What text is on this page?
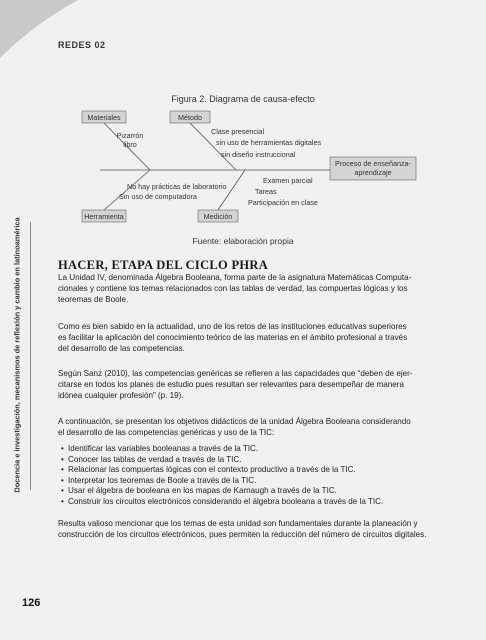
REDES 02
Figura 2. Diagrama de causa-efecto
Materiales	Método
Herramienta	Medición
Proceso de enseñanza-
aprendizaje
Pizarrón
libro
Clase presencial
sin uso de herramientas digitales
sin diseño instruccional
No hay prácticas de laboratorio
Sin uso de computadora
Examen parcial
Tareas
Participación en clase
Fuente: elaboración propia
Docencia e investigación, mecanismos de reflexión y cambio en latinoamérica	HACER, ETAPA DEL CICLO PHRA
La Unidad IV, denominada Álgebra Booleana, forma parte de la asignatura Matemáticas Computa-
cionales y contiene los temas relacionados con las tablas de verdad, las compuertas lógicas y los
teoremas de Boole.
Como es bien sabido en la actualidad, uno de los retos de las instituciones educativas superiores
es facilitar la aplicación del conocimiento teórico de las materias en el ámbito profesional a través
del desarrollo de las competencias.
Según Sanz (2010), las competencias genéricas se refieren a las capacidades que “deben de ejer-
citarse en todos los planes de estudio pues resultan ser relevantes para desempeñar de manera
idónea cualquier profesión” (p. 19).
A continuación, se presentan los objetivos didácticos de la unidad Álgebra Booleana considerando
el desarrollo de las competencias genéricas y uso de la TIC:
• Identificar las variables booleanas a través de la TIC.
• Conocer las tablas de verdad a través de la TIC.
• Relacionar las compuertas lógicas con el contexto productivo a través de la TIC.
• Interpretar los teoremas de Boole a través de la TIC.
• Usar el álgebra de booleana en los mapas de Karnaugh a través de la TIC.
• Construir los circuitos electrónicos considerando el álgebra booleana a través de la TIC.
Resulta valioso mencionar que los temas de esta unidad son fundamentales durante la planeación y
construcción de los circuitos electrónicos, pues permiten la reducción del número de circuitos digitales.
126
